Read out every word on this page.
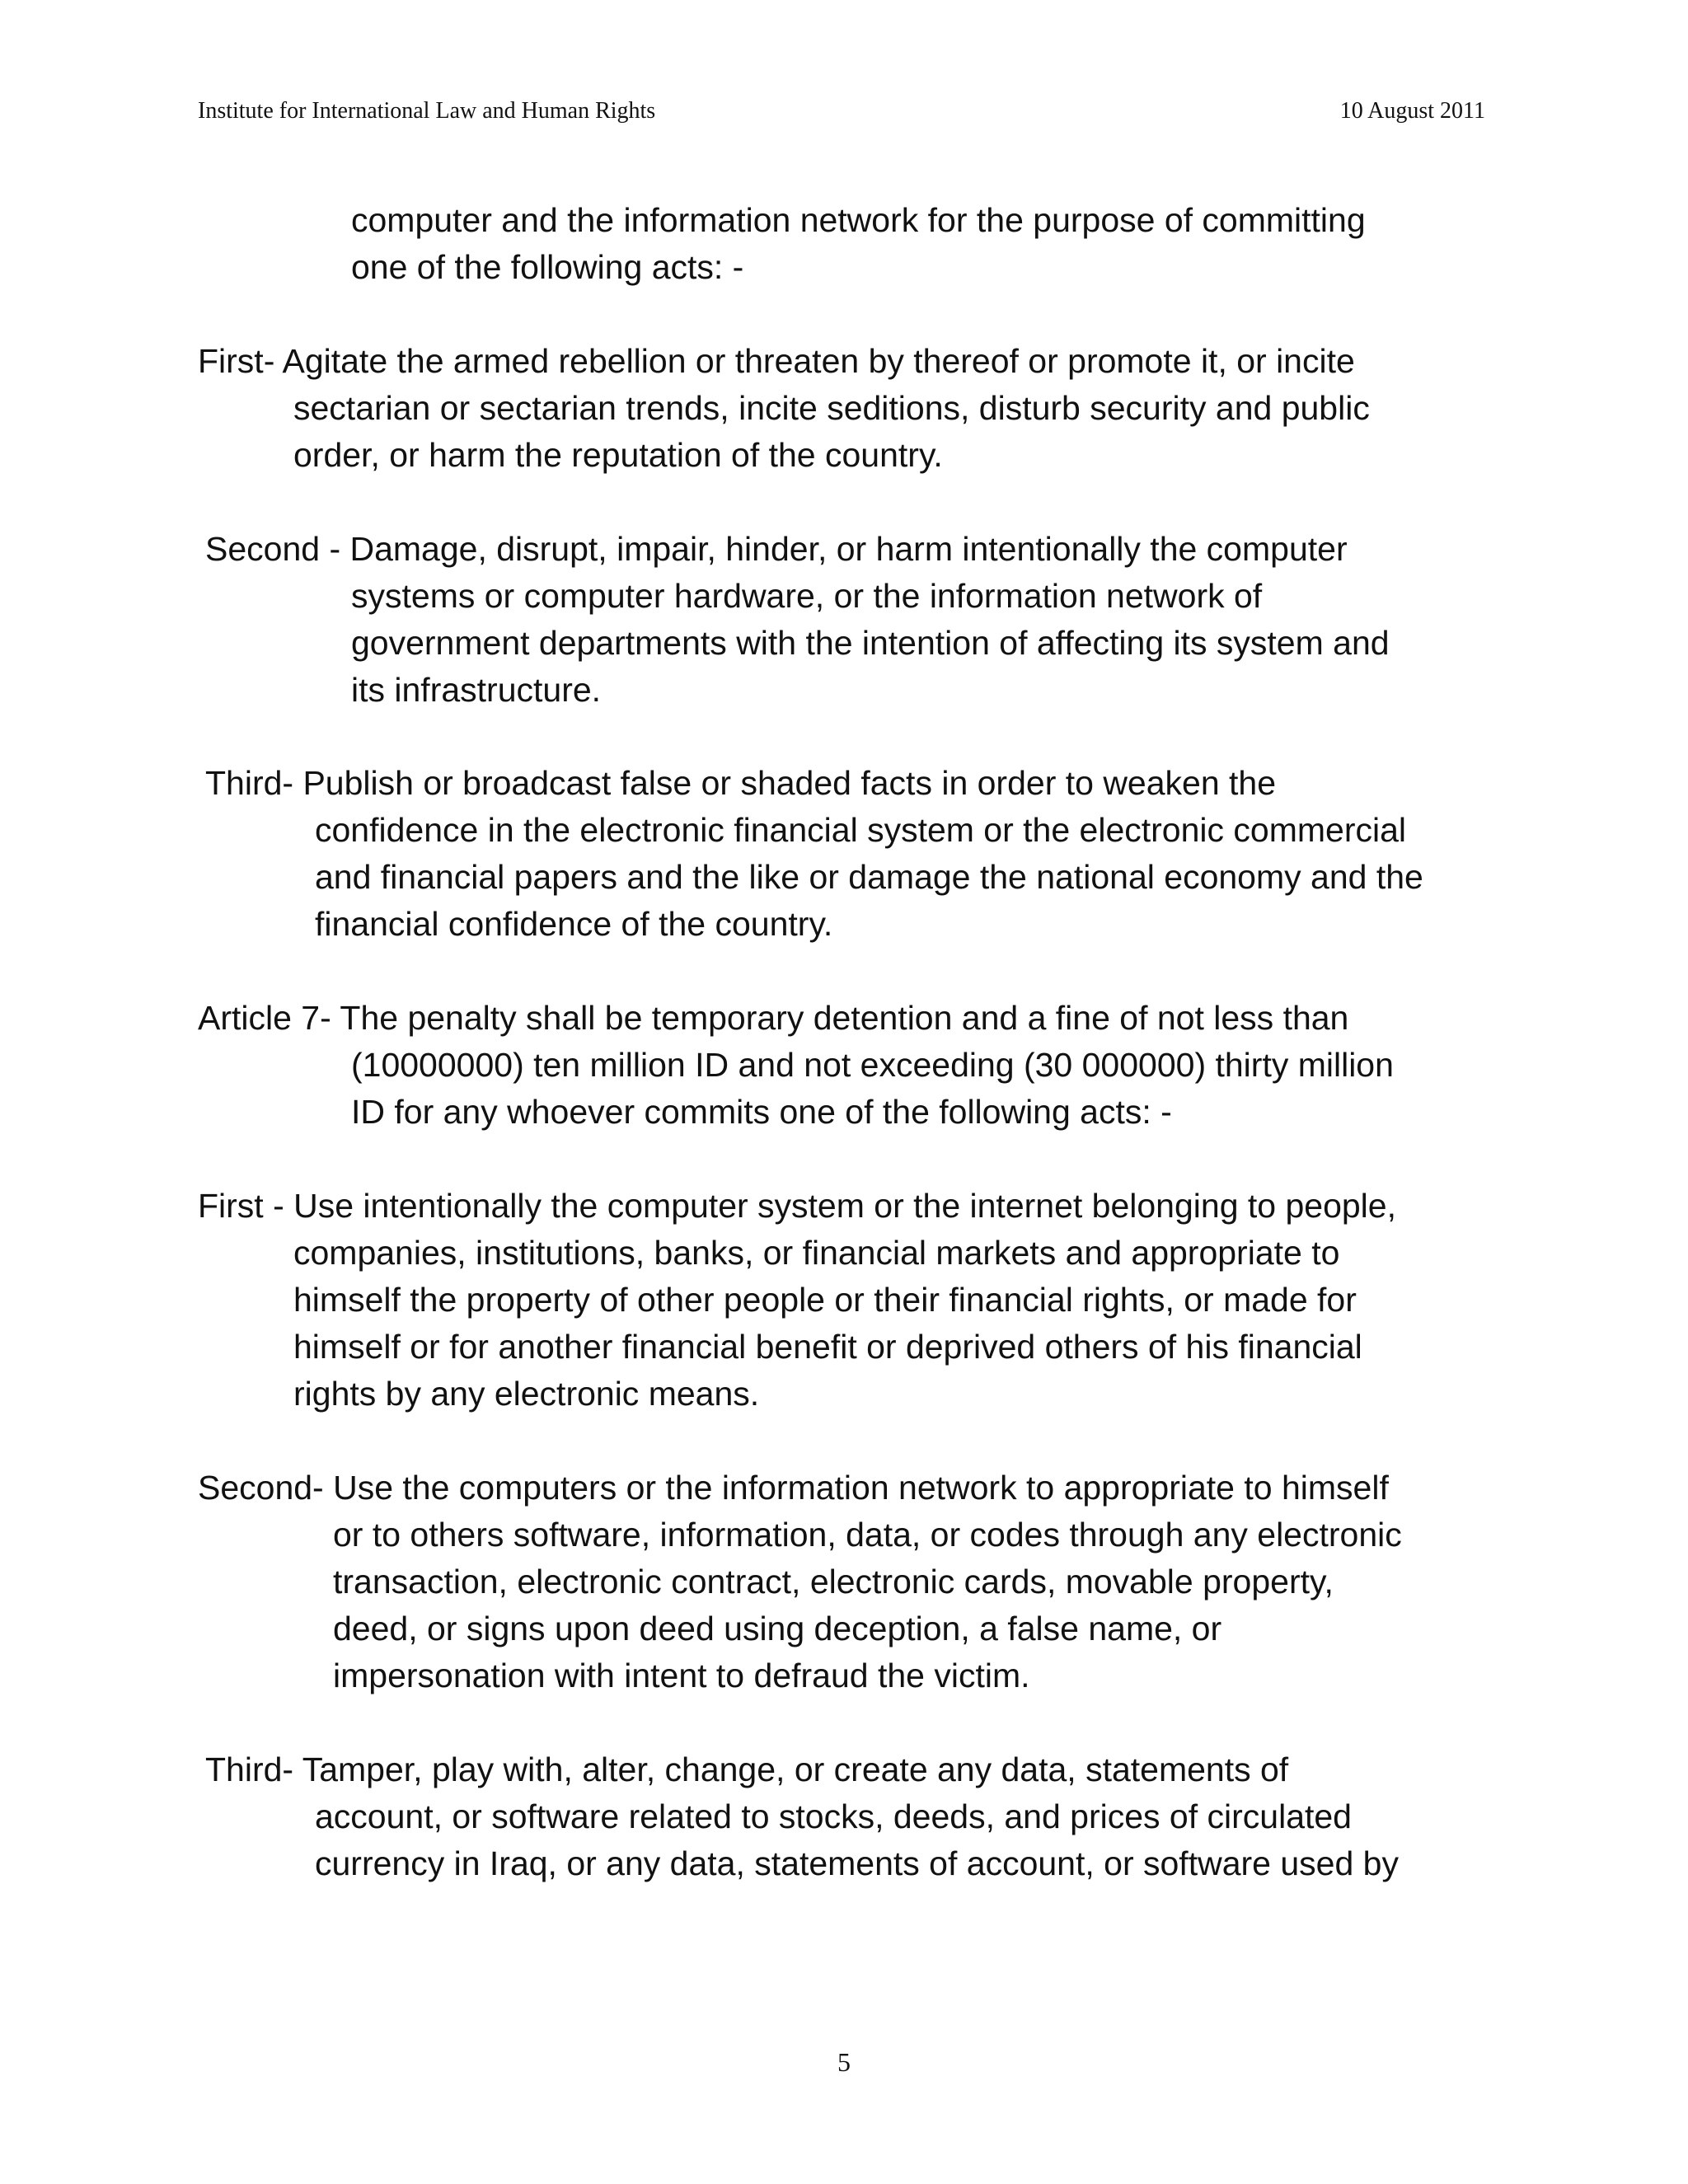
Institute for International Law and Human Rights	10 August 2011
computer and the information network for the purpose of committing
one of the following acts: -
First- Agitate the armed rebellion or threaten by thereof or promote it, or incite
sectarian or sectarian trends, incite seditions, disturb security and public
order, or harm the reputation of the country.
Second - Damage, disrupt, impair, hinder, or harm intentionally the computer
systems or computer hardware, or the information network of
government departments with the intention of affecting its system and
its infrastructure.
Third- Publish or broadcast false or shaded facts in order to weaken the
confidence in the electronic financial system or the electronic commercial
and financial papers and the like or damage the national economy and the
financial confidence of the country.
Article 7- The penalty shall be temporary detention and a fine of not less than
(10000000) ten million ID and not exceeding (30 000000) thirty million
ID for any whoever commits one of the following acts: -
First - Use intentionally the computer system or the internet belonging to people,
companies, institutions, banks, or financial markets and appropriate to
himself the property of other people or their financial rights, or made for
himself or for another financial benefit or deprived others of his financial
rights by any electronic means.
Second- Use the computers or the information network to appropriate to himself
or to others software, information, data, or codes through any electronic
transaction, electronic contract, electronic cards, movable property,
deed, or signs upon deed using deception, a false name, or
impersonation with intent to defraud the victim.
Third- Tamper, play with, alter, change, or create any data, statements of
account, or software related to stocks, deeds, and prices of circulated
currency in Iraq, or any data, statements of account, or software used by
5
